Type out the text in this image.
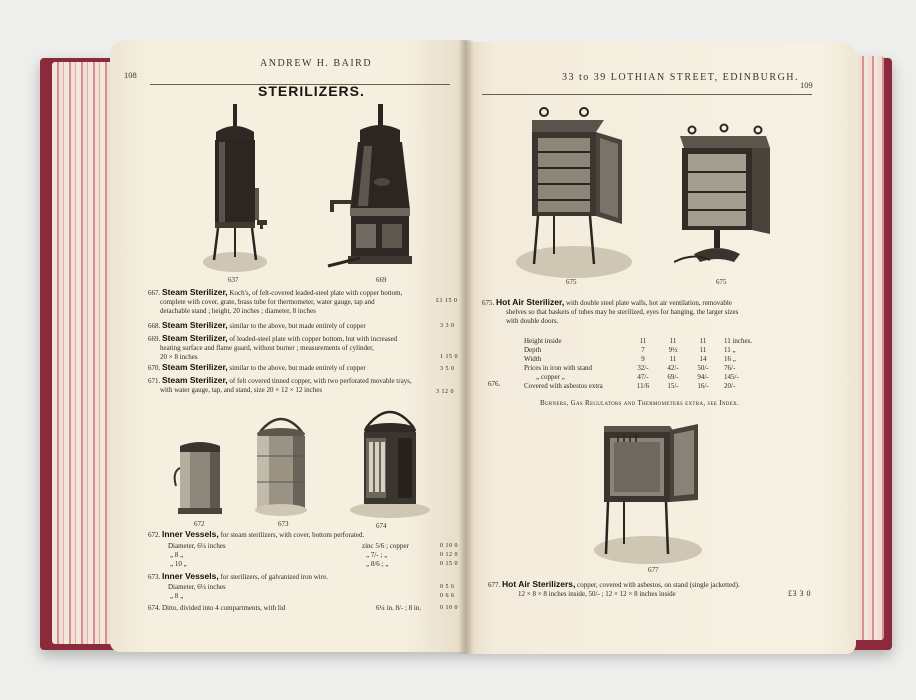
108
ANDREW H. BAIRD
STERILIZERS.
637	669
667. Steam Sterilizer, Koch's, of felt-covered leaded-steel plate with copper bottom,
complete with cover, grate, brass tube for thermometer, water gauge, tap and
detachable stand ; height, 20 inches ; diameter, 8 inches
£1 15 0
668. Steam Sterilizer, similar to the above, but made entirely of copper	3 3 0
669. Steam Sterilizer, of leaded-steel plate with copper bottom, but with increased
heating surface and flame guard, without burner ; measurements of cylinder,
20 × 8 inches	1 15 0
670. Steam Sterilizer, similar to the above, but made entirely of copper	3 5 0
671. Steam Sterilizer, of felt covered tinned copper, with two perforated movable trays,
with water gauge, tap, and stand, size 20 × 12 × 12 inches	3 12 0
672	673	674
672. Inner Vessels, for steam sterilizers, with cover, bottom perforated.
Diameter, 6¼ inches	zinc 5/6 ; copper	0 10 0
„ 8 „	„ 7/- ; „	0 12 0
„ 10 „	„ 8/6 ; „	0 15 0
673. Inner Vessels, for sterilizers, of galvanized iron wire.
Diameter, 6¼ inches	0 5 6
„ 8 „	0 6 6
674. Ditto, divided into 4 compartments, with lid	6¼ in. 8/- ; 8 in.	0 10 0
33 to 39 LOTHIAN STREET, EDINBURGH.
109
675	675
675. Hot Air Sterilizer, with double steel plate walls, hot air ventilation, removable
shelves so that baskets of tubes may be sterilized, eyes for hanging, the larger sizes
with double doors.
Height inside	11	11	11	11 inches.
Depth	7	9½	11	11 „
Width	9	11	14	16 „
Prices in iron with stand	32/-	42/-	50/-	76/-
„ copper „	47/-	69/-	94/-	145/-
Covered with asbestos extra	11/6	15/-	16/-	20/-
676.
Burners, Gas Regulators and Thermometers extra, see Index.
677
677. Hot Air Sterilizers, copper, covered with asbestos, on stand (single jacketted).
12 × 8 × 8 inches inside, 50/- ; 12 × 12 × 8 inches inside	£3 3 0
